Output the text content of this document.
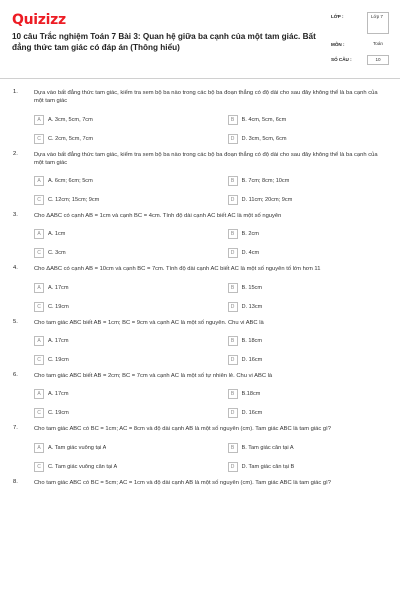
Quizizz
10 câu Trắc nghiệm Toán 7 Bài 3: Quan hệ giữa ba cạnh của một tam giác. Bất đẳng thức tam giác có đáp án (Thông hiểu)
LỚP :	Lớp 7
MÔN :	Toán
SỐ CÂU :	10
1.	Dựa vào bất đẳng thức tam giác, kiểm tra xem bộ ba nào trong các bộ ba đoạn thẳng có độ dài cho sau đây không thể là ba cạnh của một tam giác
A	A. 3cm, 5cm, 7cm	B	B. 4cm, 5cm, 6cm
C	C. 2cm, 5cm, 7cm	D	D. 3cm, 5cm, 6cm
2.	Dựa vào bất đẳng thức tam giác, kiểm tra xem bộ ba nào trong các bộ ba đoạn thẳng có độ dài cho sau đây không thể là ba cạnh của một tam giác
A	A. 6cm; 6cm; 5cm	B	B. 7cm; 8cm; 10cm
C	C. 12cm; 15cm; 9cm	D	D. 11cm; 20cm; 9cm
3.	Cho ΔABC có cạnh AB = 1cm và cạnh BC = 4cm. Tính độ dài cạnh AC biết AC là một số nguyên
A	A. 1cm	B	B. 2cm
C	C. 3cm	D	D. 4cm
4.	Cho ΔABC có cạnh AB = 10cm và cạnh BC = 7cm. Tính độ dài cạnh AC biết AC là một số nguyên tố lớn hơn 11
A	A. 17cm	B	B. 15cm
C	C. 19cm	D	D. 13cm
5.	Cho tam giác ABC biết AB = 1cm; BC = 9cm và cạnh AC là một số nguyên. Chu vi ABC là
A	A. 17cm	B	B. 18cm
C	C. 19cm	D	D. 16cm
6.	Cho tam giác ABC biết AB = 2cm; BC = 7cm và cạnh AC là một số tự nhiên lẻ. Chu vi ABC là
A	A. 17cm	B	B.18cm
C	C. 19cm	D	D. 16cm
7.	Cho tam giác ABC có BC = 1cm; AC = 8cm và độ dài cạnh AB là một số nguyên (cm). Tam giác ABC là tam giác gì?
A	A. Tam giác vuông tại A	B	B. Tam giác cân tại A
C	C. Tam giác vuông cân tại A	D	D. Tam giác cân tại B
8.	Cho tam giác ABC có BC = 5cm; AC = 1cm và độ dài cạnh AB là một số nguyên (cm). Tam giác ABC là tam giác gì?
